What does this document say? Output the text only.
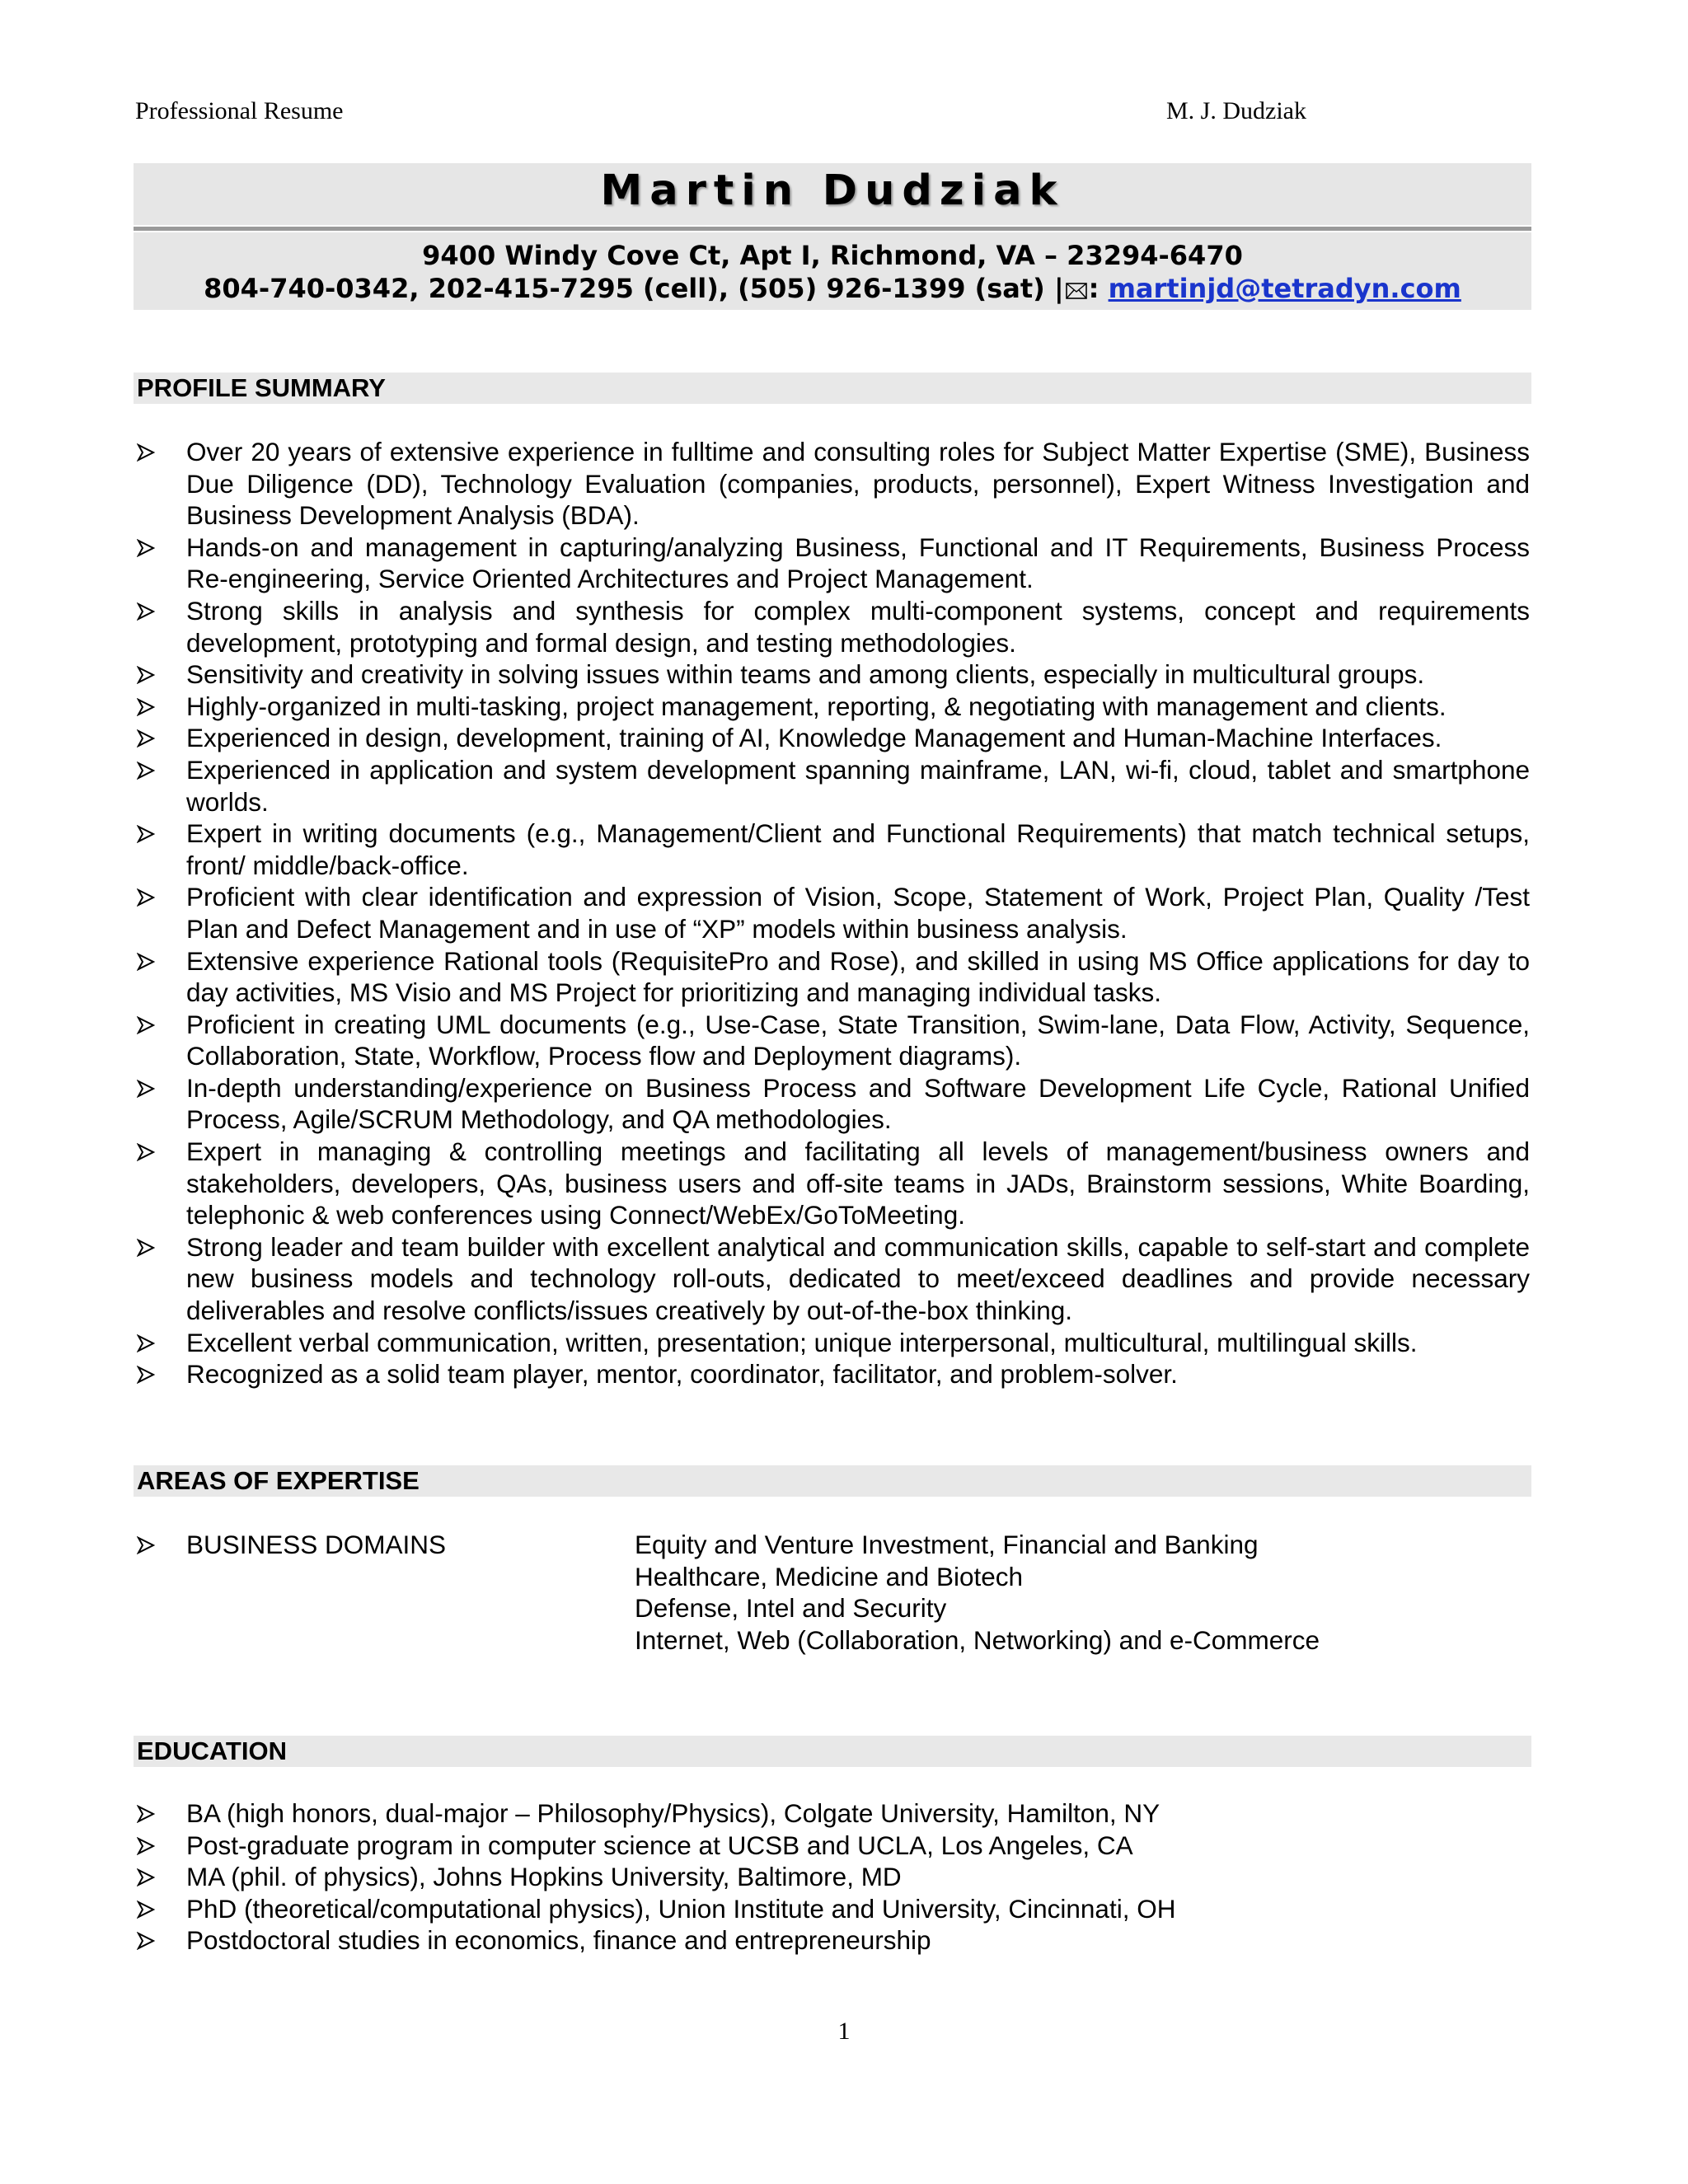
Professional Resume	M. J. Dudziak
Martin Dudziak
9400 Windy Cove Ct, Apt I, Richmond, VA – 23294-6470
804-740-0342, 202-415-7295 (cell), (505) 926-1399 (sat) | : martinjd@tetradyn.com
PROFILE SUMMARY
Over 20 years of extensive experience in fulltime and consulting roles for Subject Matter Expertise (SME), Business Due Diligence (DD), Technology Evaluation (companies, products, personnel), Expert Witness Investigation and Business Development Analysis (BDA).
Hands-on and management in capturing/analyzing Business, Functional and IT Requirements, Business Process Re-engineering, Service Oriented Architectures and Project Management.
Strong skills in analysis and synthesis for complex multi-component systems, concept and requirements development, prototyping and formal design, and testing methodologies.
Sensitivity and creativity in solving issues within teams and among clients, especially in multicultural groups.
Highly-organized in multi-tasking, project management, reporting, & negotiating with management and clients.
Experienced in design, development, training of AI, Knowledge Management and Human-Machine Interfaces.
Experienced in application and system development spanning mainframe, LAN, wi-fi, cloud, tablet and smartphone worlds.
Expert in writing documents (e.g., Management/Client and Functional Requirements) that match technical setups, front/ middle/back-office.
Proficient with clear identification and expression of Vision, Scope, Statement of Work, Project Plan, Quality /Test Plan and Defect Management and in use of “XP” models within business analysis.
Extensive experience Rational tools (RequisitePro and Rose), and skilled in using MS Office applications for day to day activities, MS Visio and MS Project for prioritizing and managing individual tasks.
Proficient in creating UML documents (e.g., Use-Case, State Transition, Swim-lane, Data Flow, Activity, Sequence, Collaboration, State, Workflow, Process flow and Deployment diagrams).
In-depth understanding/experience on Business Process and Software Development Life Cycle, Rational Unified Process, Agile/SCRUM Methodology, and QA methodologies.
Expert in managing & controlling meetings and facilitating all levels of management/business owners and stakeholders, developers, QAs, business users and off-site teams in JADs, Brainstorm sessions, White Boarding, telephonic & web conferences using Connect/WebEx/GoToMeeting.
Strong leader and team builder with excellent analytical and communication skills, capable to self-start and complete new business models and technology roll-outs, dedicated to meet/exceed deadlines and provide necessary deliverables and resolve conflicts/issues creatively by out-of-the-box thinking.
Excellent verbal communication, written, presentation; unique interpersonal, multicultural, multilingual skills.
Recognized as a solid team player, mentor, coordinator, facilitator, and problem-solver.
AREAS OF EXPERTISE
BUSINESS DOMAINS	Equity and Venture Investment, Financial and Banking
Healthcare, Medicine and Biotech
Defense, Intel and Security
Internet, Web (Collaboration, Networking) and e-Commerce
EDUCATION
BA (high honors, dual-major – Philosophy/Physics), Colgate University, Hamilton, NY
Post-graduate program in computer science at UCSB and UCLA, Los Angeles, CA
MA (phil. of physics), Johns Hopkins University, Baltimore, MD
PhD (theoretical/computational physics), Union Institute and University, Cincinnati, OH
Postdoctoral studies in economics, finance and entrepreneurship
1
